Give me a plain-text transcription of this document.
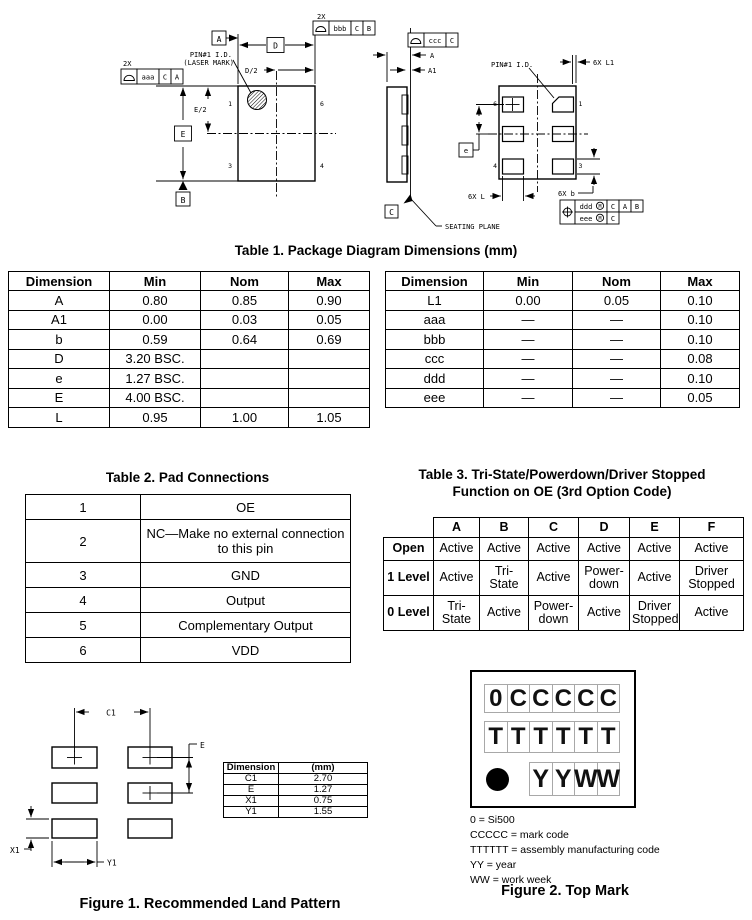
D
D/2
A
B
E
E/2
2X
aaa C A
2X
bbb C B
PIN#1 I.D.
(LASER MARK)
1	6
3	4
ccc C
A
A1
C
SEATING PLANE
6	1
4	3
PIN#1 I.D.	6X L1
e
6X L	6X b
ddd M C A B
eee M C
C1
E
X1
Y1
Table 1. Package Diagram Dimensions (mm)
Dimension	Min	Nom	Max
A	0.80	0.85	0.90
A1	0.00	0.03	0.05
b	0.59	0.64	0.69
D	3.20 BSC.		
e	1.27 BSC.		
E	4.00 BSC.		
L	0.95	1.00	1.05
Dimension	Min	Nom	Max
L1	0.00	0.05	0.10
aaa	—	—	0.10
bbb	—	—	0.10
ccc	—	—	0.08
ddd	—	—	0.10
eee	—	—	0.05
Table 2. Pad Connections
1	OE
2	NC—Make no external connection to this pin
3	GND
4	Output
5	Complementary Output
6	VDD
Table 3. Tri-State/Powerdown/Driver Stopped
Function on OE (3rd Option Code)
	A	B	C	D	E	F
Open	Active	Active	Active	Active	Active	Active
1 Level	Active	Tri-State	Active	Power-down	Active	Driver Stopped
0 Level	Tri-State	Active	Power-down	Active	Driver Stopped	Active
Dimension	(mm)
C1	2.70
E	1.27
X1	0.75
Y1	1.55
0 C C C C C
T T T T T T
Y Y W
W
0 = Si500
CCCCC = mark code
TTTTTT = assembly manufacturing code
YY = year
WW = work week
Figure 1. Recommended Land Pattern
Figure 2. Top Mark
